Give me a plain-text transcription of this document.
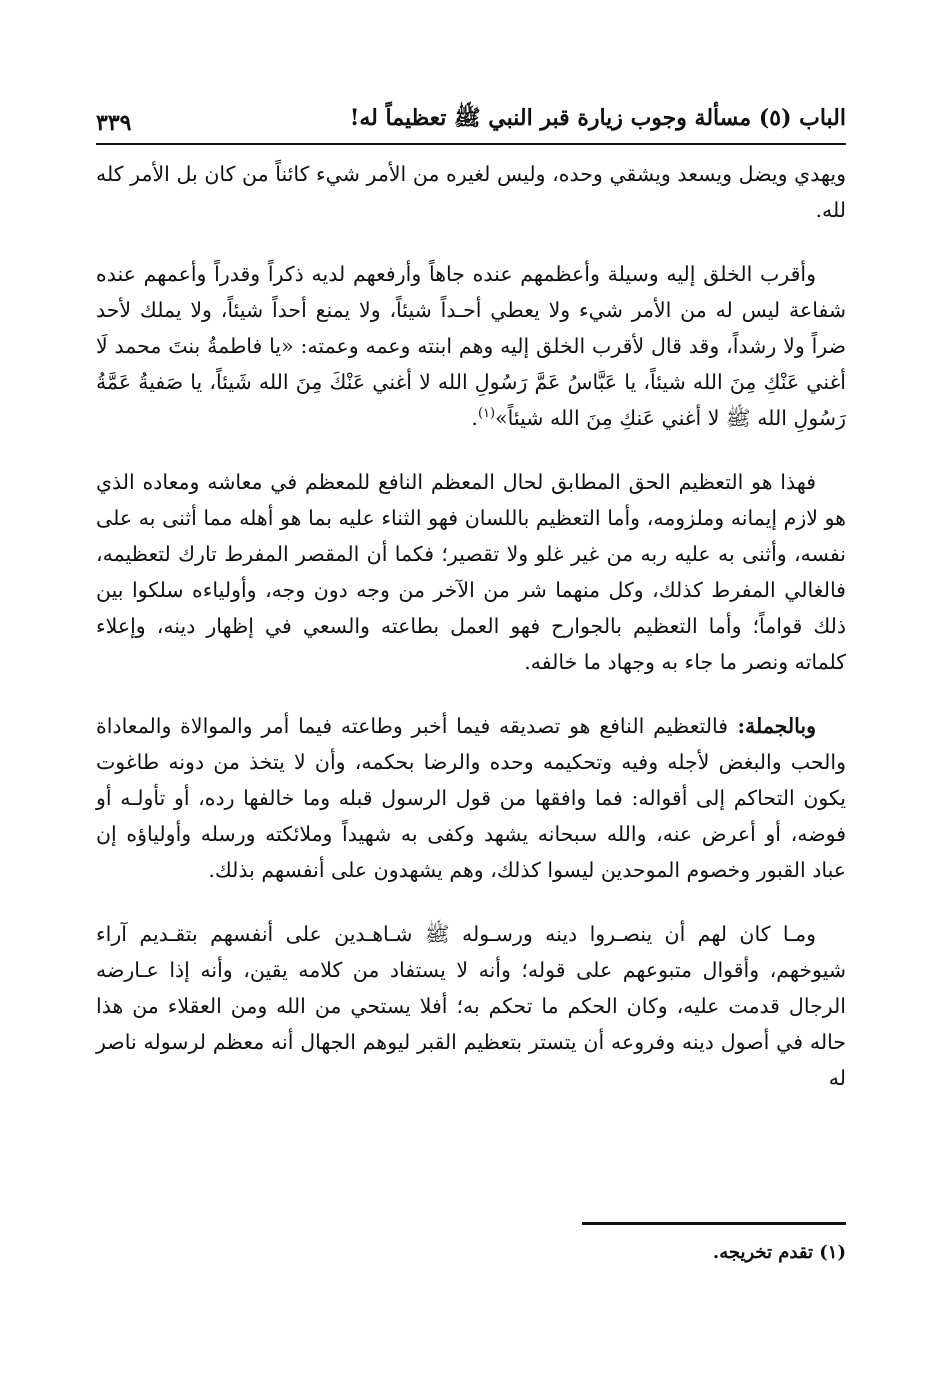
الباب (٥) مسألة وجوب زيارة قبر النبي ﷺ تعظيماً له!
٣٣٩

ويهدي ويضل ويسعد ويشقي وحده، وليس لغيره من الأمر شيء كائناً من كان بل الأمر كله لله.

وأقرب الخلق إليه وسيلة وأعظمهم عنده جاهاً وأرفعهم لديه ذكراً وقدراً وأعمهم عنده شفاعة ليس له من الأمر شيء ولا يعطي أحـداً شيئاً، ولا يمنع أحداً شيئاً، ولا يملك لأحد ضراً ولا رشداً، وقد قال لأقرب الخلق إليه وهم ابنته وعمه وعمته: «يا فاطمةُ بنتَ محمد لَا أغني عَنْكِ مِنَ الله شيئاً، يا عَبَّاسُ عَمَّ رَسُولِ الله لا أغني عَنْكَ مِنَ الله شَيئاً، يا صَفيةُ عَمَّةُ رَسُولِ الله ﷺ لا أغني عَنكِ مِنَ الله شيئاً»$^{(١)}$.

فهذا هو التعظيم الحق المطابق لحال المعظم النافع للمعظم في معاشه ومعاده الذي هو لازم إيمانه وملزومه، وأما التعظيم باللسان فهو الثناء عليه بما هو أهله مما أثنى به على نفسه، وأثنى به عليه ربه من غير غلو ولا تقصير؛ فكما أن المقصر المفرط تارك لتعظيمه، فالغالي المفرط كذلك، وكل منهما شر من الآخر من وجه دون وجه، وأولياءه سلكوا بين ذلك قواماً؛ وأما التعظيم بالجوارح فهو العمل بطاعته والسعي في إظهار دينه، وإعلاء كلماته ونصر ما جاء به وجهاد ما خالفه.

وبالجملة: فالتعظيم النافع هو تصديقه فيما أخبر وطاعته فيما أمر والموالاة والمعاداة والحب والبغض لأجله وفيه وتحكيمه وحده والرضا بحكمه، وأن لا يتخذ من دونه طاغوت يكون التحاكم إلى أقواله: فما وافقها من قول الرسول قبله وما خالفها رده، أو تأولـه أو فوضه، أو أعرض عنه، والله سبحانه يشهد وكفى به شهيداً وملائكته ورسله وأولياؤه إن عباد القبور وخصوم الموحدين ليسوا كذلك، وهم يشهدون على أنفسهم بذلك.

ومـا كان لهم أن ينصـروا دينه ورسـوله ﷺ شـاهـدين على أنفسهم بتقـديم آراء شيوخهم، وأقوال متبوعهم على قوله؛ وأنه لا يستفاد من كلامه يقين، وأنه إذا عـارضه الرجال قدمت عليه، وكان الحكم ما تحكم به؛ أفلا يستحي من الله ومن العقلاء من هذا حاله في أصول دينه وفروعه أن يتستر بتعظيم القبر ليوهم الجهال أنه معظم لرسوله ناصر له

(١) تقدم تخريجه.
